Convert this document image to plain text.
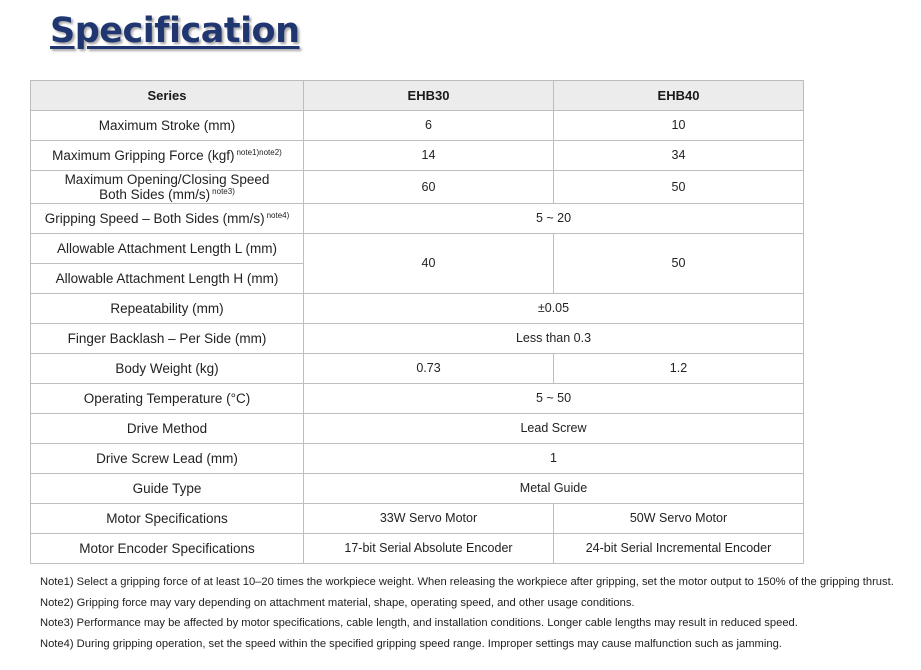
Specification
Series	EHB30	EHB40
Maximum Stroke (mm)	6	10
Maximum Gripping Force (kgf) $^{note1)note2)}$	14	34
Maximum Opening/Closing Speed
Both Sides (mm/s) $^{note3)}$	60	50
Gripping Speed – Both Sides (mm/s) $^{note4)}$	5 ~ 20	
Allowable Attachment Length L (mm)	40	50
Allowable Attachment Length H (mm)		
Repeatability (mm)	±0.05	
Finger Backlash – Per Side (mm)	Less than 0.3	
Body Weight (kg)	0.73	1.2
Operating Temperature (°C)	5 ~ 50	
Drive Method	Lead Screw	
Drive Screw Lead (mm)	1	
Guide Type	Metal Guide	
Motor Specifications	33W Servo Motor	50W Servo Motor
Motor Encoder Specifications	17-bit Serial Absolute Encoder	24-bit Serial Incremental Encoder
Note1) Select a gripping force of at least 10–20 times the workpiece weight. When releasing the workpiece after gripping, set the motor output to 150% of the gripping thrust.
Note2) Gripping force may vary depending on attachment material, shape, operating speed, and other usage conditions.
Note3) Performance may be affected by motor specifications, cable length, and installation conditions. Longer cable lengths may result in reduced speed.
Note4) During gripping operation, set the speed within the specified gripping speed range. Improper settings may cause malfunction such as jamming.
